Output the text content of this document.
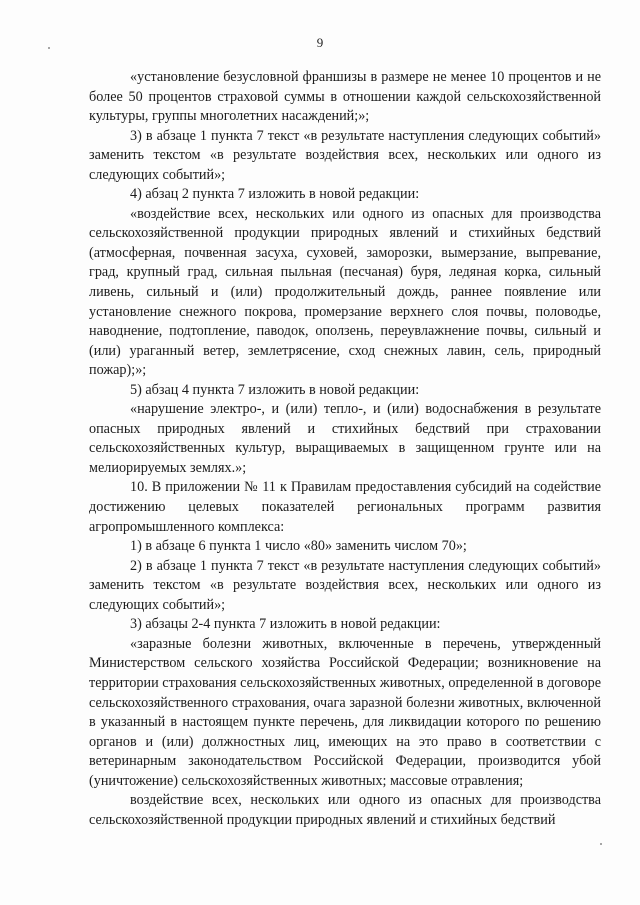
9

«установление безусловной франшизы в размере не менее 10 процентов и не более 50 процентов страховой суммы в отношении каждой сельскохозяйственной культуры, группы многолетних насаждений;»;

3) в абзаце 1 пункта 7 текст «в результате наступления следующих событий» заменить текстом «в результате воздействия всех, нескольких или одного из следующих событий»;

4) абзац 2 пункта 7 изложить в новой редакции:

«воздействие всех, нескольких или одного из опасных для производства сельскохозяйственной продукции природных явлений и стихийных бедствий (атмосферная, почвенная засуха, суховей, заморозки, вымерзание, выпревание, град, крупный град, сильная пыльная (песчаная) буря, ледяная корка, сильный ливень, сильный и (или) продолжительный дождь, раннее появление или установление снежного покрова, промерзание верхнего слоя почвы, половодье, наводнение, подтопление, паводок, оползень, переувлажнение почвы, сильный и (или) ураганный ветер, землетрясение, сход снежных лавин, сель, природный пожар);»;

5) абзац 4 пункта 7 изложить в новой редакции:

«нарушение электро-, и (или) тепло-, и (или) водоснабжения в результате опасных природных явлений и стихийных бедствий при страховании сельскохозяйственных культур, выращиваемых в защищенном грунте или на мелиорируемых землях.»;

10. В приложении № 11 к Правилам предоставления субсидий на содействие достижению целевых показателей региональных программ развития агропромышленного комплекса:

1) в абзаце 6 пункта 1 число «80» заменить числом 70»;

2) в абзаце 1 пункта 7 текст «в результате наступления следующих событий» заменить текстом «в результате воздействия всех, нескольких или одного из следующих событий»;

3) абзацы 2-4 пункта 7 изложить в новой редакции:

«заразные болезни животных, включенные в перечень, утвержденный Министерством сельского хозяйства Российской Федерации; возникновение на территории страхования сельскохозяйственных животных, определенной в договоре сельскохозяйственного страхования, очага заразной болезни животных, включенной в указанный в настоящем пункте перечень, для ликвидации которого по решению органов и (или) должностных лиц, имеющих на это право в соответствии с ветеринарным законодательством Российской Федерации, производится убой (уничтожение) сельскохозяйственных животных; массовые отравления;

воздействие всех, нескольких или одного из опасных для производства сельскохозяйственной продукции природных явлений и стихийных бедствий
